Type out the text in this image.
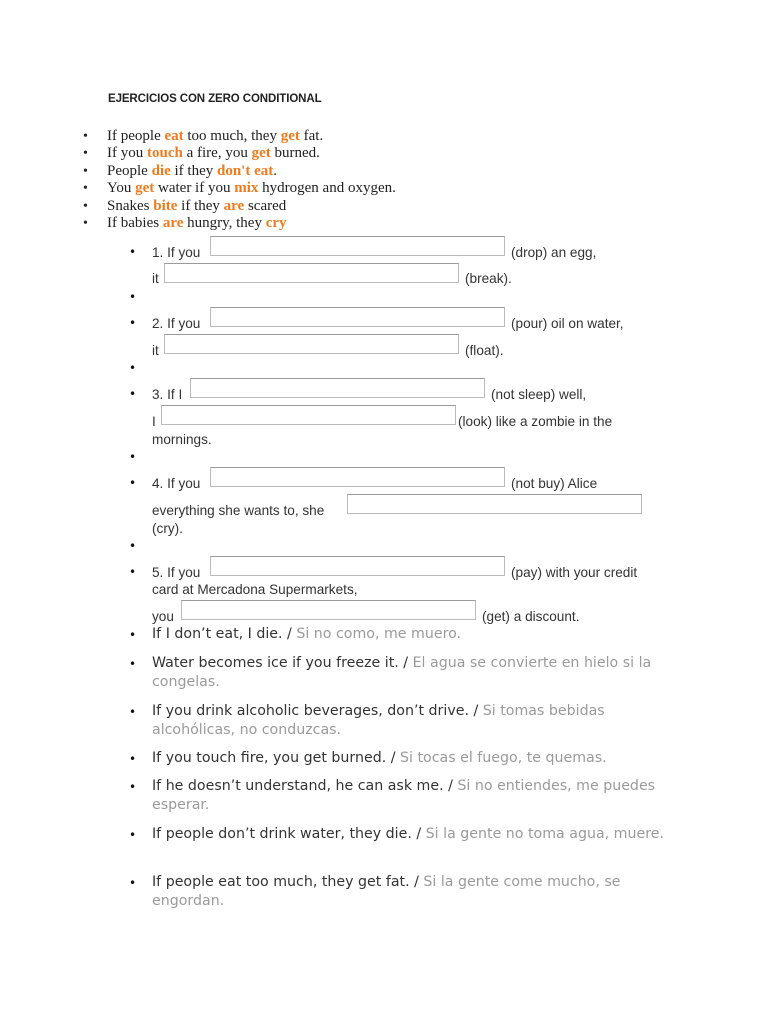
EJERCICIOS CON ZERO CONDITIONAL
• If people eat too much, they get fat.
• If you touch a fire, you get burned.
• People die if they don't eat.
• You get water if you mix hydrogen and oxygen.
• Snakes bite if they are scared
• If babies are hungry, they cry
• 1. If you	(drop) an egg,
it	(break).
•
• 2. If you	(pour) oil on water,
it	(float).
•
• 3. If I	(not sleep) well,
I	(look) like a zombie in the
mornings.
•
• 4. If you	(not buy) Alice
everything she wants to, she
(cry).
•
• 5. If you	(pay) with your credit
card at Mercadona Supermarkets,
you	(get) a discount.
• If I don’t eat, I die. / Si no como, me muero.
• Water becomes ice if you freeze it. / El agua se convierte en hielo si la congelas.
• If you drink alcoholic beverages, don’t drive. / Si tomas bebidas alcohólicas, no conduzcas.
• If you touch fire, you get burned. / Si tocas el fuego, te quemas.
• If he doesn’t understand, he can ask me. / Si no entiendes, me puedes esperar.
• If people don’t drink water, they die. / Si la gente no toma agua, muere.
• If people eat too much, they get fat. / Si la gente come mucho, se engordan.
